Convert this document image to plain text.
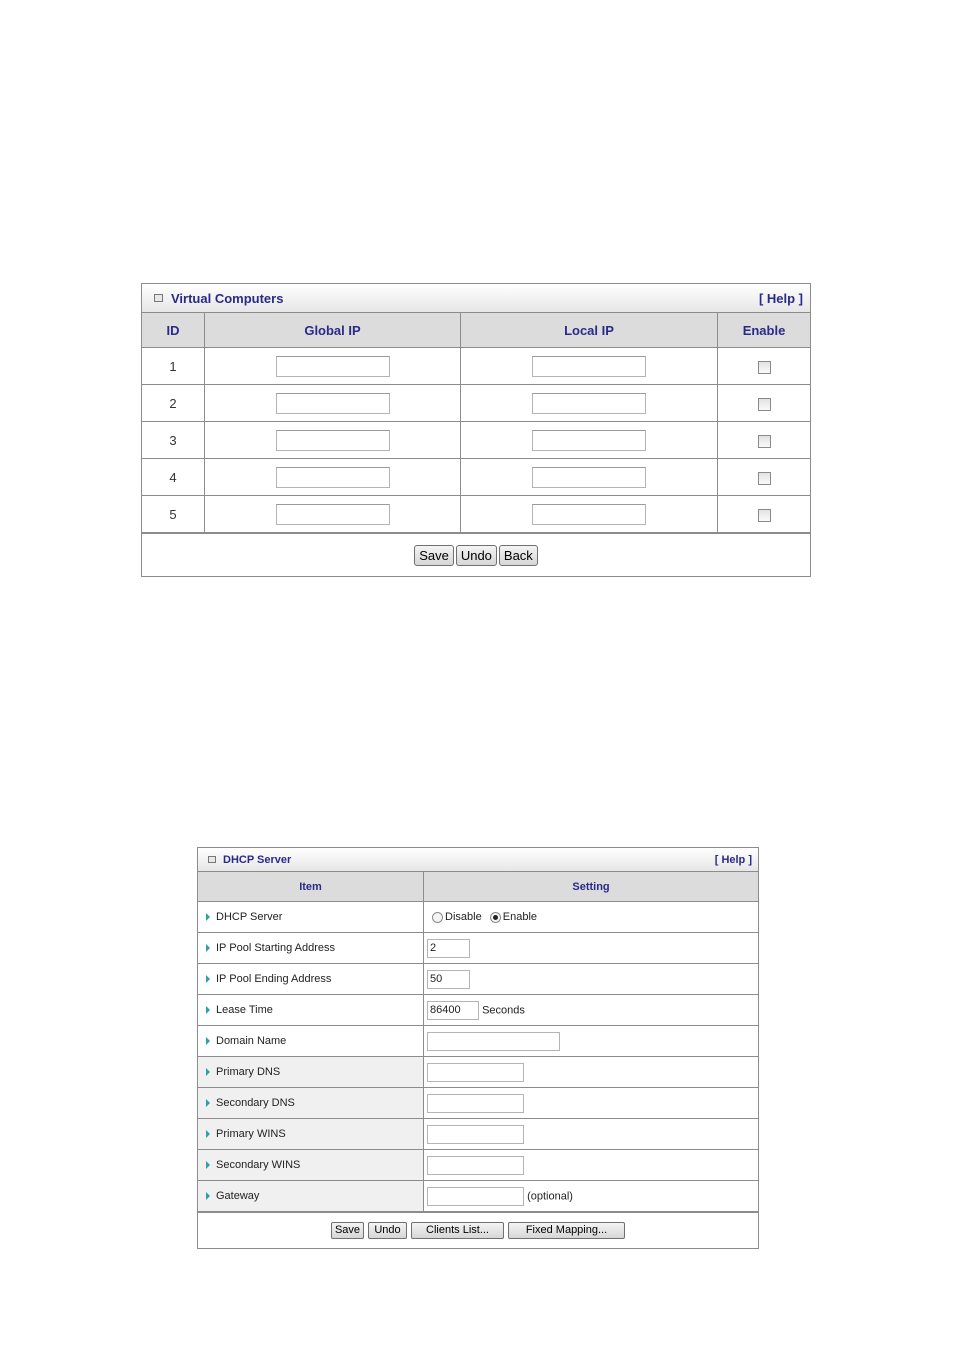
Virtual Computers	[ Help ]
ID	Global IP	Local IP	Enable
1			
2			
3			
4			
5			
Save Undo Back
DHCP Server	[ Help ]
Item	Setting
DHCP Server	Disable Enable
IP Pool Starting Address	2
IP Pool Ending Address	50
Lease Time	86400 Seconds
Domain Name	
Primary DNS	
Secondary DNS	
Primary WINS	
Secondary WINS	
Gateway	(optional)
Save	Undo	Clients List...	Fixed Mapping...
